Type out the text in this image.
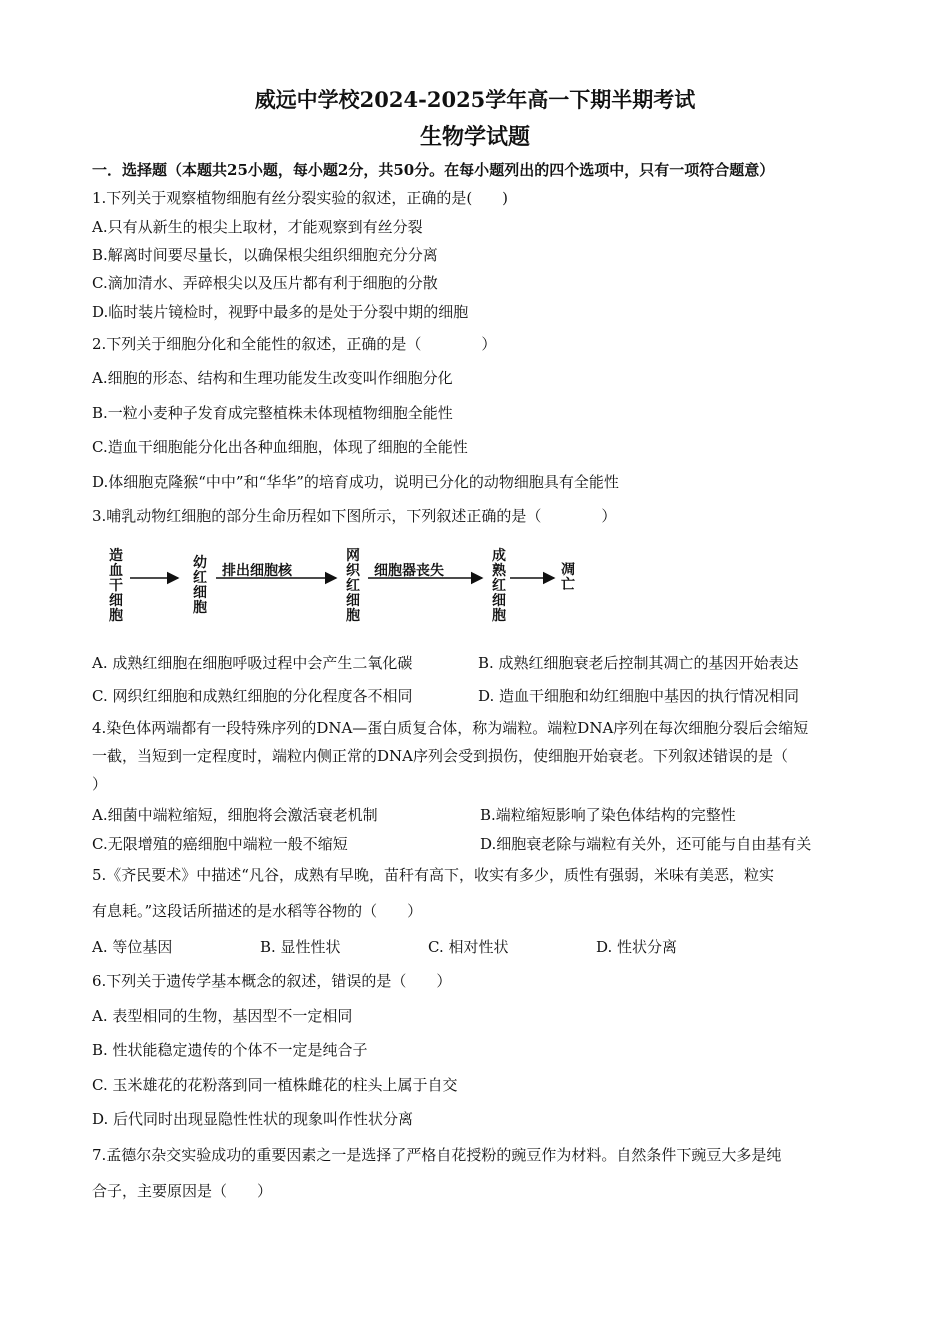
威远中学校2024-2025学年高一下期半期考试
生物学试题
一．选择题（本题共25小题，每小题2分，共50分。在每小题列出的四个选项中，只有一项符合题意）
1.下列关于观察植物细胞有丝分裂实验的叙述，正确的是(　　)
A.只有从新生的根尖上取材，才能观察到有丝分裂
B.解离时间要尽量长，以确保根尖组织细胞充分分离
C.滴加清水、弄碎根尖以及压片都有利于细胞的分散
D.临时装片镜检时，视野中最多的是处于分裂中期的细胞
2.下列关于细胞分化和全能性的叙述，正确的是（　　　　）
A.细胞的形态、结构和生理功能发生改变叫作细胞分化
B.一粒小麦种子发育成完整植株未体现植物细胞全能性
C.造血干细胞能分化出各种血细胞，体现了细胞的全能性
D.体细胞克隆猴“中中”和“华华”的培育成功，说明已分化的动物细胞具有全能性
3.哺乳动物红细胞的部分生命历程如下图所示，下列叙述正确的是（　　　　）
造
血
干
细
胞
幼
红
细
胞
排出细胞核
网
织
红
细
胞
细胞器丧失
成
熟
红
细
胞
凋
亡
A. 成熟红细胞在细胞呼吸过程中会产生二氧化碳	B. 成熟红细胞衰老后控制其凋亡的基因开始表达
C. 网织红细胞和成熟红细胞的分化程度各不相同	D. 造血干细胞和幼红细胞中基因的执行情况相同
4.染色体两端都有一段特殊序列的DNA—蛋白质复合体，称为端粒。端粒DNA序列在每次细胞分裂后会缩短
一截，当短到一定程度时，端粒内侧正常的DNA序列会受到损伤，使细胞开始衰老。下列叙述错误的是（
）
A.细菌中端粒缩短，细胞将会激活衰老机制	B.端粒缩短影响了染色体结构的完整性
C.无限增殖的癌细胞中端粒一般不缩短	D.细胞衰老除与端粒有关外，还可能与自由基有关
5.《齐民要术》中描述“凡谷，成熟有早晚，苗秆有高下，收实有多少，质性有强弱，米味有美恶，粒实
有息耗。”这段话所描述的是水稻等谷物的（　　）
A. 等位基因	B. 显性性状	C. 相对性状	D. 性状分离
6.下列关于遗传学基本概念的叙述，错误的是（　　）
A. 表型相同的生物，基因型不一定相同
B. 性状能稳定遗传的个体不一定是纯合子
C. 玉米雄花的花粉落到同一植株雌花的柱头上属于自交
D. 后代同时出现显隐性性状的现象叫作性状分离
7.孟德尔杂交实验成功的重要因素之一是选择了严格自花授粉的豌豆作为材料。自然条件下豌豆大多是纯
合子，主要原因是（　　）
